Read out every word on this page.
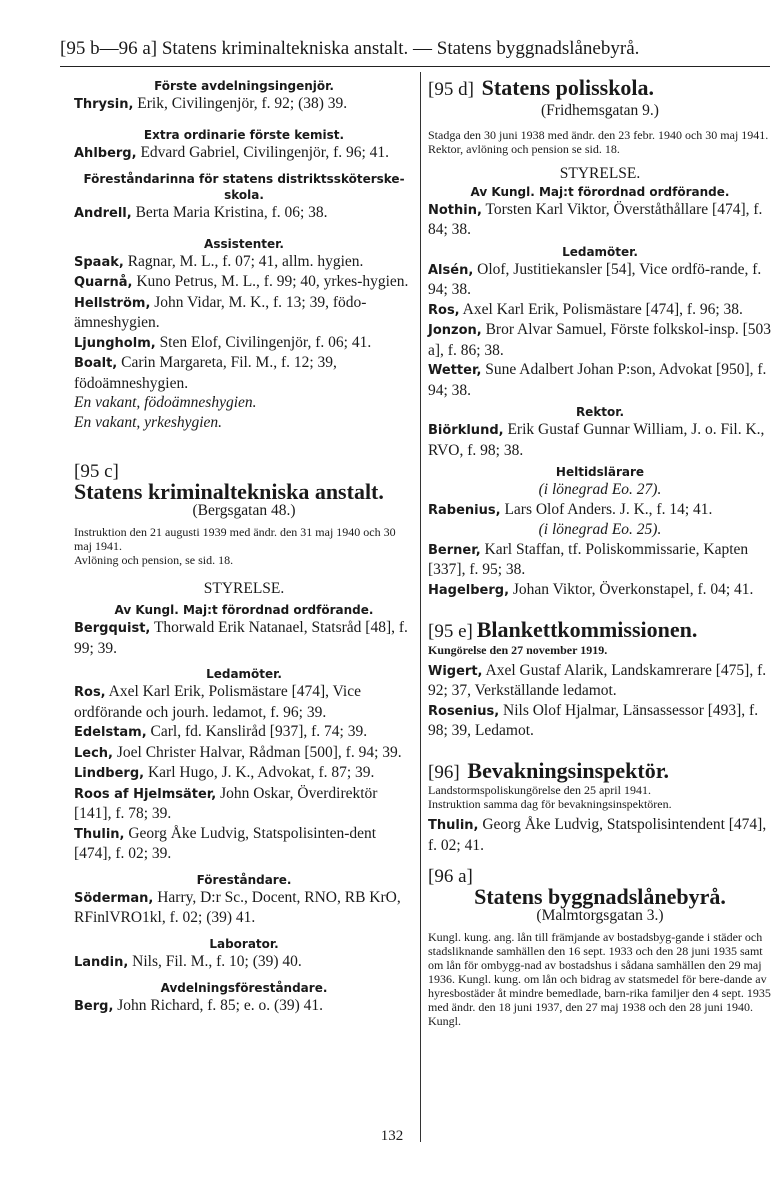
[95 b—96 a] Statens kriminaltekniska anstalt. — Statens byggnadslånebyrå.

Förste avdelningsingenjör.

Thrysin, Erik, Civilingenjör, f. 92; (38) 39.

Extra ordinarie förste kemist.

Ahlberg, Edvard Gabriel, Civilingenjör, f. 96; 41.

Föreståndarinna för statens distriktssköterske-skola.

Andrell, Berta Maria Kristina, f. 06; 38.

Assistenter.

Spaak, Ragnar, M. L., f. 07; 41, allm. hygien.

Quarnå, Kuno Petrus, M. L., f. 99; 40, yrkes-hygien.

Hellström, John Vidar, M. K., f. 13; 39, födo-ämneshygien.

Ljungholm, Sten Elof, Civilingenjör, f. 06; 41.

Boalt, Carin Margareta, Fil. M., f. 12; 39, födoämneshygien.

En vakant, födoämneshygien.

En vakant, yrkeshygien.

[95 c]

Statens kriminaltekniska anstalt.

(Bergsgatan 48.)

Instruktion den 21 augusti 1939 med ändr. den 31 maj 1940 och 30 maj 1941.

Avlöning och pension, se sid. 18.

STYRELSE.

Av Kungl. Maj:t förordnad ordförande.

Bergquist, Thorwald Erik Natanael, Statsråd [48], f. 99; 39.

Ledamöter.

Ros, Axel Karl Erik, Polismästare [474], Vice ordförande och jourh. ledamot, f. 96; 39.

Edelstam, Carl, fd. Kansliråd [937], f. 74; 39.

Lech, Joel Christer Halvar, Rådman [500], f. 94; 39.

Lindberg, Karl Hugo, J. K., Advokat, f. 87; 39.

Roos af Hjelmsäter, John Oskar, Överdirektör [141], f. 78; 39.

Thulin, Georg Åke Ludvig, Statspolisinten-dent [474], f. 02; 39.

Föreståndare.

Söderman, Harry, D:r Sc., Docent, RNO, RB KrO, RFinlVRO1kl, f. 02; (39) 41.

Laborator.

Landin, Nils, Fil. M., f. 10; (39) 40.

Avdelningsföreståndare.

Berg, John Richard, f. 85; e. o. (39) 41.

[95 d] Statens polisskola.

(Fridhemsgatan 9.)

Stadga den 30 juni 1938 med ändr. den 23 febr. 1940 och 30 maj 1941.

Rektor, avlöning och pension se sid. 18.

STYRELSE.

Av Kungl. Maj:t förordnad ordförande.

Nothin, Torsten Karl Viktor, Överståthållare [474], f. 84; 38.

Ledamöter.

Alsén, Olof, Justitiekansler [54], Vice ordfö-rande, f. 94; 38.

Ros, Axel Karl Erik, Polismästare [474], f. 96; 38.

Jonzon, Bror Alvar Samuel, Förste folkskol-insp. [503 a], f. 86; 38.

Wetter, Sune Adalbert Johan P:son, Advokat [950], f. 94; 38.

Rektor.

Biörklund, Erik Gustaf Gunnar William, J. o. Fil. K., RVO, f. 98; 38.

Heltidslärare

(i lönegrad Eo. 27).

Rabenius, Lars Olof Anders. J. K., f. 14; 41.

(i lönegrad Eo. 25).

Berner, Karl Staffan, tf. Poliskommissarie, Kapten [337], f. 95; 38.

Hagelberg, Johan Viktor, Överkonstapel, f. 04; 41.

[95 e] Blankettkommissionen.

Kungörelse den 27 november 1919.

Wigert, Axel Gustaf Alarik, Landskamrerare [475], f. 92; 37, Verkställande ledamot.

Rosenius, Nils Olof Hjalmar, Länsassessor [493], f. 98; 39, Ledamot.

[96] Bevakningsinspektör.

Landstormspoliskungörelse den 25 april 1941.

Instruktion samma dag för bevakningsinspektören.

Thulin, Georg Åke Ludvig, Statspolisintendent [474], f. 02; 41.

[96 a]

Statens byggnadslånebyrå.

(Malmtorgsgatan 3.)

Kungl. kung. ang. lån till främjande av bostadsbyg-gande i städer och stadsliknande samhällen den 16 sept. 1933 och den 28 juni 1935 samt om lån för ombygg-nad av bostadshus i sådana samhällen den 29 maj 1936. Kungl. kung. om lån och bidrag av statsmedel för bere-dande av hyresbostäder åt mindre bemedlade, barn-rika familjer den 4 sept. 1935 med ändr. den 18 juni 1937, den 27 maj 1938 och den 28 juni 1940. Kungl.

132
